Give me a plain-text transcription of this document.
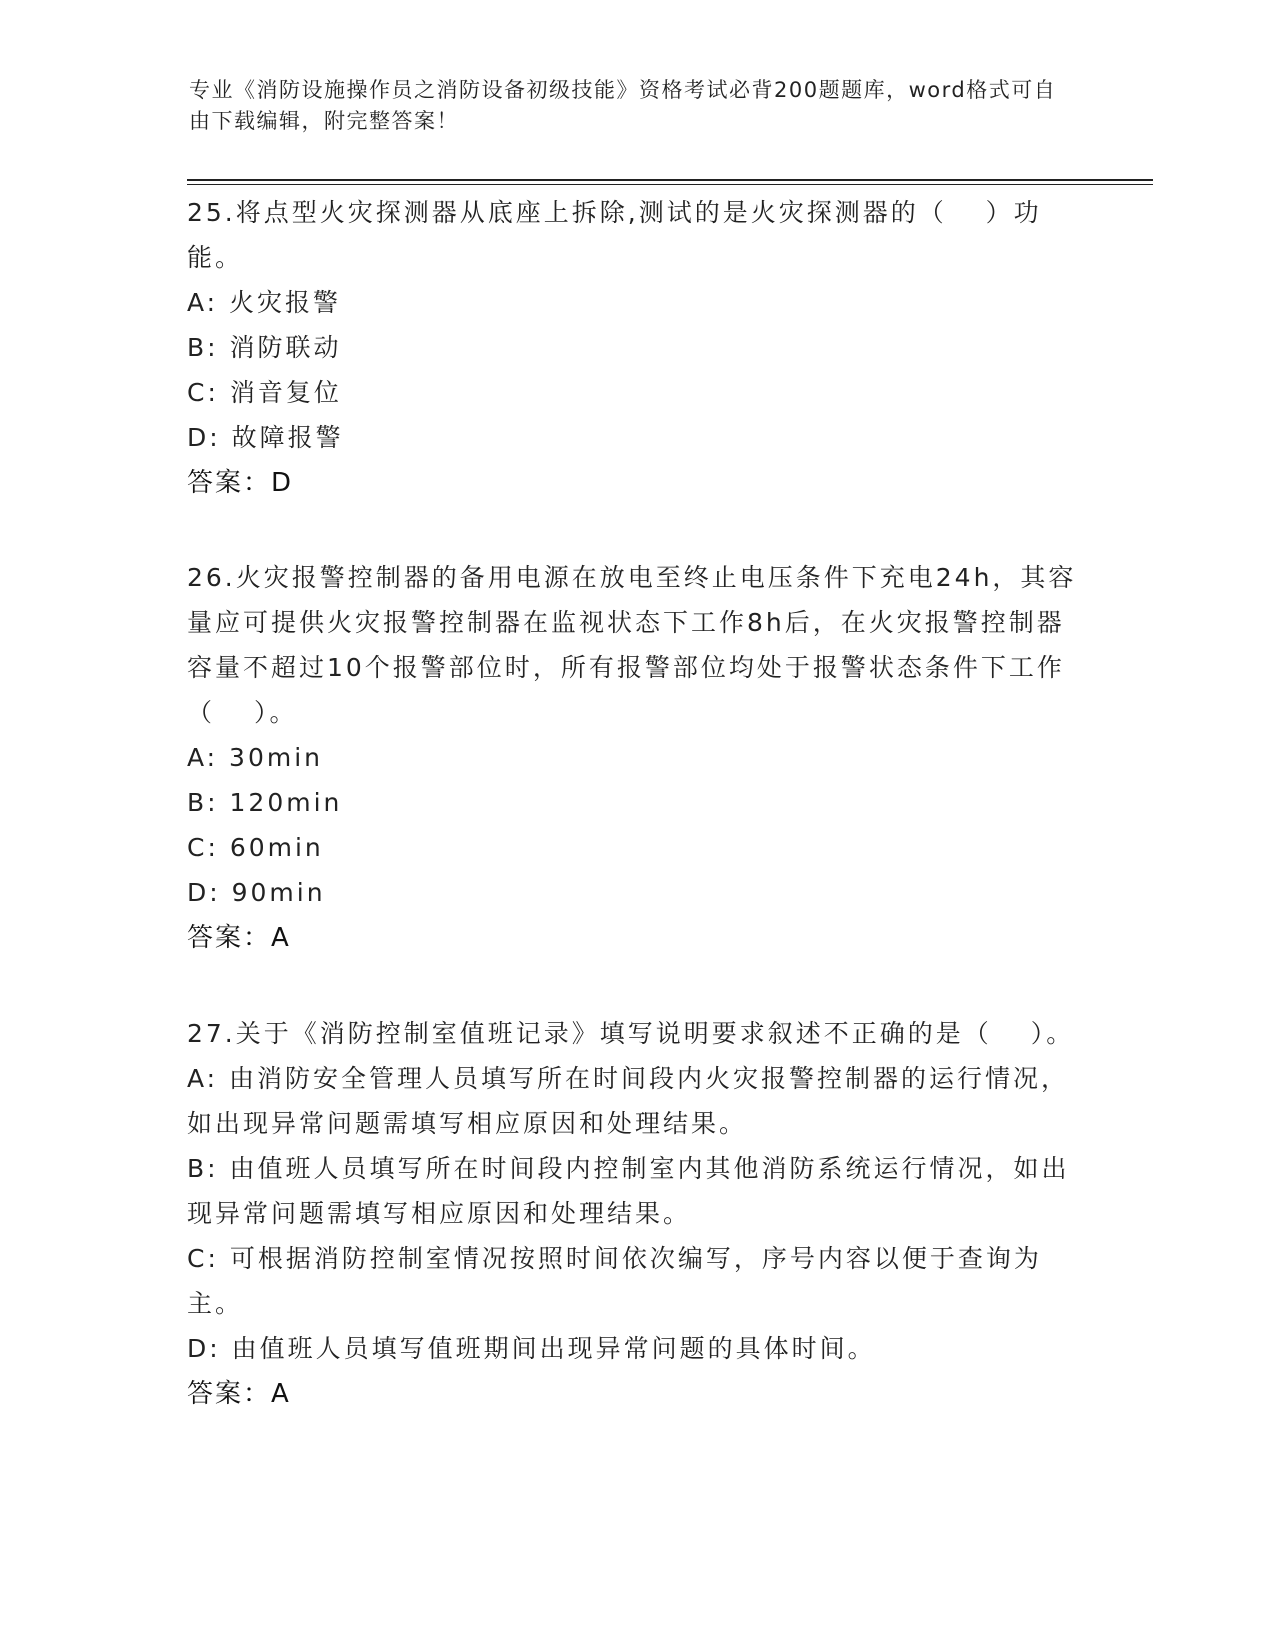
专业《消防设施操作员之消防设备初级技能》资格考试必背200题题库，word格式可自由下载编辑，附完整答案！

25.将点型火灾探测器从底座上拆除,测试的是火灾探测器的（　 ）功能。

A: 火灾报警

B: 消防联动

C: 消音复位

D: 故障报警

答案：D

26.火灾报警控制器的备用电源在放电至终止电压条件下充电24h，其容量应可提供火灾报警控制器在监视状态下工作8h后，在火灾报警控制器容量不超过10个报警部位时，所有报警部位均处于报警状态条件下工作（　 ）。

A: 30min

B: 120min

C: 60min

D: 90min

答案：A

27.关于《消防控制室值班记录》填写说明要求叙述不正确的是（　 ）。

A: 由消防安全管理人员填写所在时间段内火灾报警控制器的运行情况，如出现异常问题需填写相应原因和处理结果。

B: 由值班人员填写所在时间段内控制室内其他消防系统运行情况，如出现异常问题需填写相应原因和处理结果。

C: 可根据消防控制室情况按照时间依次编写，序号内容以便于查询为主。

D: 由值班人员填写值班期间出现异常问题的具体时间。

答案：A
